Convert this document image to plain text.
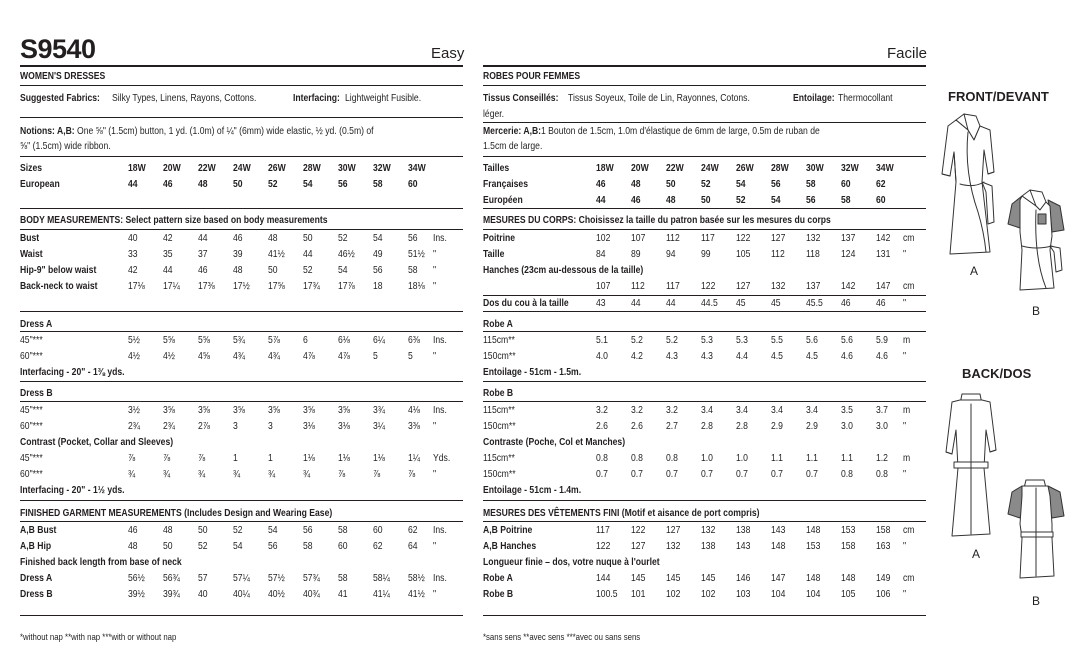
S9540	Easy	Facile
WOMEN'S DRESSES
Suggested Fabrics: Silky Types, Linens, Rayons, Cottons.	Interfacing: Lightweight Fusible.
Notions: A,B: One ⅝" (1.5cm) button, 1 yd. (1.0m) of ¼" (6mm) wide elastic, ½ yd. (0.5m) of
⅝" (1.5cm) wide ribbon.
Sizes	18W 20W 22W 24W 26W 28W 30W 32W 34W
European	44 46 48 50 52 54 56 58 60
BODY MEASUREMENTS: Select pattern size based on body measurements
Bust	40 42 44 46 48 50 52 54 56 Ins.
Waist	33 35 37 39 41½ 44 46½ 49 51½ "
Hip-9" below waist	42 44 46 48 50 52 54 56 58 "
Back-neck to waist	17⅛ 17¼ 17⅜ 17½ 17⅝ 17¾ 17⅞ 18 18⅛ "
Dress A
45"***	5½ 5⅝ 5⅝ 5¾ 5⅞ 6	6⅛ 6¼ 6⅜ Ins.
60"***	4½ 4½ 4⅝ 4¾ 4¾ 4⅞ 4⅞ 5	5 "
Interfacing - 20" - 1⅜ yds.
Dress B
45"***	3½ 3⅝ 3⅝ 3⅝ 3⅝ 3⅝ 3⅝ 3¾ 4⅛ Ins.
60"***	2¾ 2¾ 2⅞ 3	3	3⅛ 3⅛ 3¼ 3⅜ "
Contrast (Pocket, Collar and Sleeves)
45"***	⅞	⅞	⅞	1	1	1⅛ 1⅛ 1⅛ 1¼ Yds.
60"***	¾	¾	¾	¾	¾	¾	⅞	⅞	⅞ "
Interfacing - 20" - 1½ yds.
FINISHED GARMENT MEASUREMENTS (Includes Design and Wearing Ease)
A,B Bust	46 48 50 52 54 56 58 60 62 Ins.
A,B Hip	48 50 52 54 56 58 60 62 64 "
Finished back length from base of neck
Dress A	56½ 56¾ 57 57¼ 57½ 57¾ 58 58¼ 58½ Ins.
Dress B	39½ 39¾ 40 40¼ 40½ 40¾ 41 41¼ 41½ "
*without nap **with nap ***with or without nap
ROBES POUR FEMMES
Tissus Conseillés: Tissus Soyeux, Toile de Lin, Rayonnes, Cotons.	Entoilage: Thermocollant
léger.
Mercerie: A,B: 1 Bouton de 1.5cm, 1.0m d'élastique de 6mm de large, 0.5m de ruban de
1.5cm de large.
Tailles	18W 20W 22W 24W 26W 28W 30W 32W 34W
Françaises	46 48 50 52 54 56 58 60 62
Européen	44 46 48 50 52 54 56 58 60
MESURES DU CORPS: Choisissez la taille du patron basée sur les mesures du corps
Poitrine	102 107 112 117 122 127 132 137 142 cm
Taille	84 89 94 99 105 112 118 124 131 "
Hanches (23cm au-dessous de la taille)
107 112 117 122 127 132 137 142 147 cm
Dos du cou à la taille	43 44 44 44.5 45 45 45.5 46 46 "
Robe A
115cm**	5.1 5.2 5.2 5.3 5.3 5.5 5.6 5.6 5.9 m
150cm**	4.0 4.2 4.3 4.3 4.4 4.5 4.5 4.6 4.6 "
Entoilage - 51cm - 1.5m.
Robe B
115cm**	3.2 3.2 3.2 3.4 3.4 3.4 3.4 3.5 3.7 m
150cm**	2.6 2.6 2.7 2.8 2.8 2.9 2.9 3.0 3.0 "
Contraste (Poche, Col et Manches)
115cm**	0.8 0.8 0.8 1.0 1.0 1.1 1.1 1.1 1.2 m
150cm**	0.7 0.7 0.7 0.7 0.7 0.7 0.7 0.8 0.8 "
Entoilage - 51cm - 1.4m.
MESURES DES VÊTEMENTS FINI (Motif et aisance de port compris)
A,B Poitrine	117 122 127 132 138 143 148 153 158 cm
A,B Hanches	122 127 132 138 143 148 153 158 163 "
Longueur finie – dos, votre nuque à l'ourlet
Robe A	144 145 145 145 146 147 148 148 149 cm
Robe B	100.5 101 102 102 103 104 104 105 106 "
*sans sens **avec sens ***avec ou sans sens
FRONT/DEVANT
BACK/DOS
A
B
A
B
